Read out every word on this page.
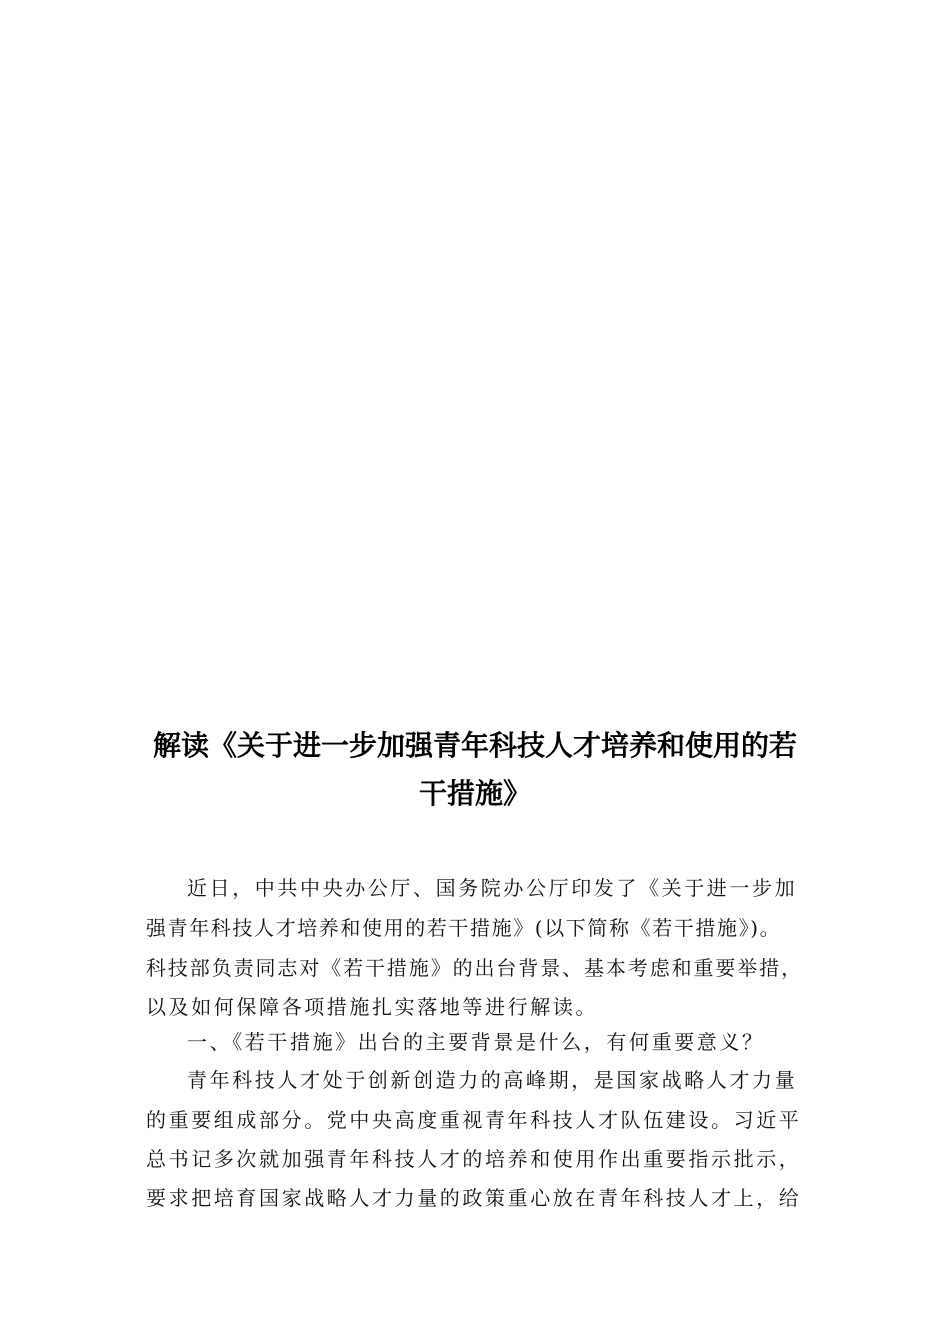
解读《关于进一步加强青年科技人才培养和使用的若
干措施》
近日，中共中央办公厅、国务院办公厅印发了《关于进一步加
强青年科技人才培养和使用的若干措施》(以下简称《若干措施》)。
科技部负责同志对《若干措施》的出台背景、基本考虑和重要举措，
以及如何保障各项措施扎实落地等进行解读。
一、《若干措施》出台的主要背景是什么，有何重要意义？
青年科技人才处于创新创造力的高峰期，是国家战略人才力量
的重要组成部分。党中央高度重视青年科技人才队伍建设。习近平
总书记多次就加强青年科技人才的培养和使用作出重要指示批示，
要求把培育国家战略人才力量的政策重心放在青年科技人才上，给
